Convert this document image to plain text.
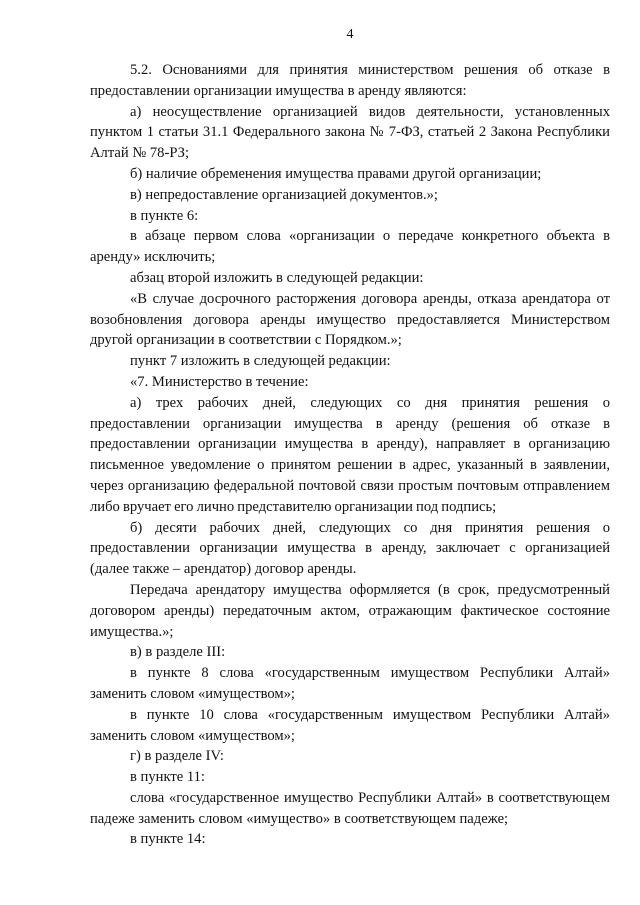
4

5.2. Основаниями для принятия министерством решения об отказе в предоставлении организации имущества в аренду являются:

а) неосуществление организацией видов деятельности, установленных пунктом 1 статьи 31.1 Федерального закона № 7-ФЗ, статьей 2 Закона Республики Алтай № 78-РЗ;

б) наличие обременения имущества правами другой организации;

в) непредоставление организацией документов.»;

в пункте 6:

в абзаце первом слова «организации о передаче конкретного объекта в аренду» исключить;

абзац второй изложить в следующей редакции:

«В случае досрочного расторжения договора аренды, отказа арендатора от возобновления договора аренды имущество предоставляется Министерством другой организации в соответствии с Порядком.»;

пункт 7 изложить в следующей редакции:

«7. Министерство в течение:

а) трех рабочих дней, следующих со дня принятия решения о предоставлении организации имущества в аренду (решения об отказе в предоставлении организации имущества в аренду), направляет в организацию письменное уведомление о принятом решении в адрес, указанный в заявлении, через организацию федеральной почтовой связи простым почтовым отправлением либо вручает его лично представителю организации под подпись;

б) десяти рабочих дней, следующих со дня принятия решения о предоставлении организации имущества в аренду, заключает с организацией (далее также – арендатор) договор аренды.

Передача арендатору имущества оформляется (в срок, предусмотренный договором аренды) передаточным актом, отражающим фактическое состояние имущества.»;

в) в разделе III:

в пункте 8 слова «государственным имуществом Республики Алтай» заменить словом «имуществом»;

в пункте 10 слова «государственным имуществом Республики Алтай» заменить словом «имуществом»;

г) в разделе IV:

в пункте 11:

слова «государственное имущество Республики Алтай» в соответствующем падеже заменить словом «имущество» в соответствующем падеже;

в пункте 14:
